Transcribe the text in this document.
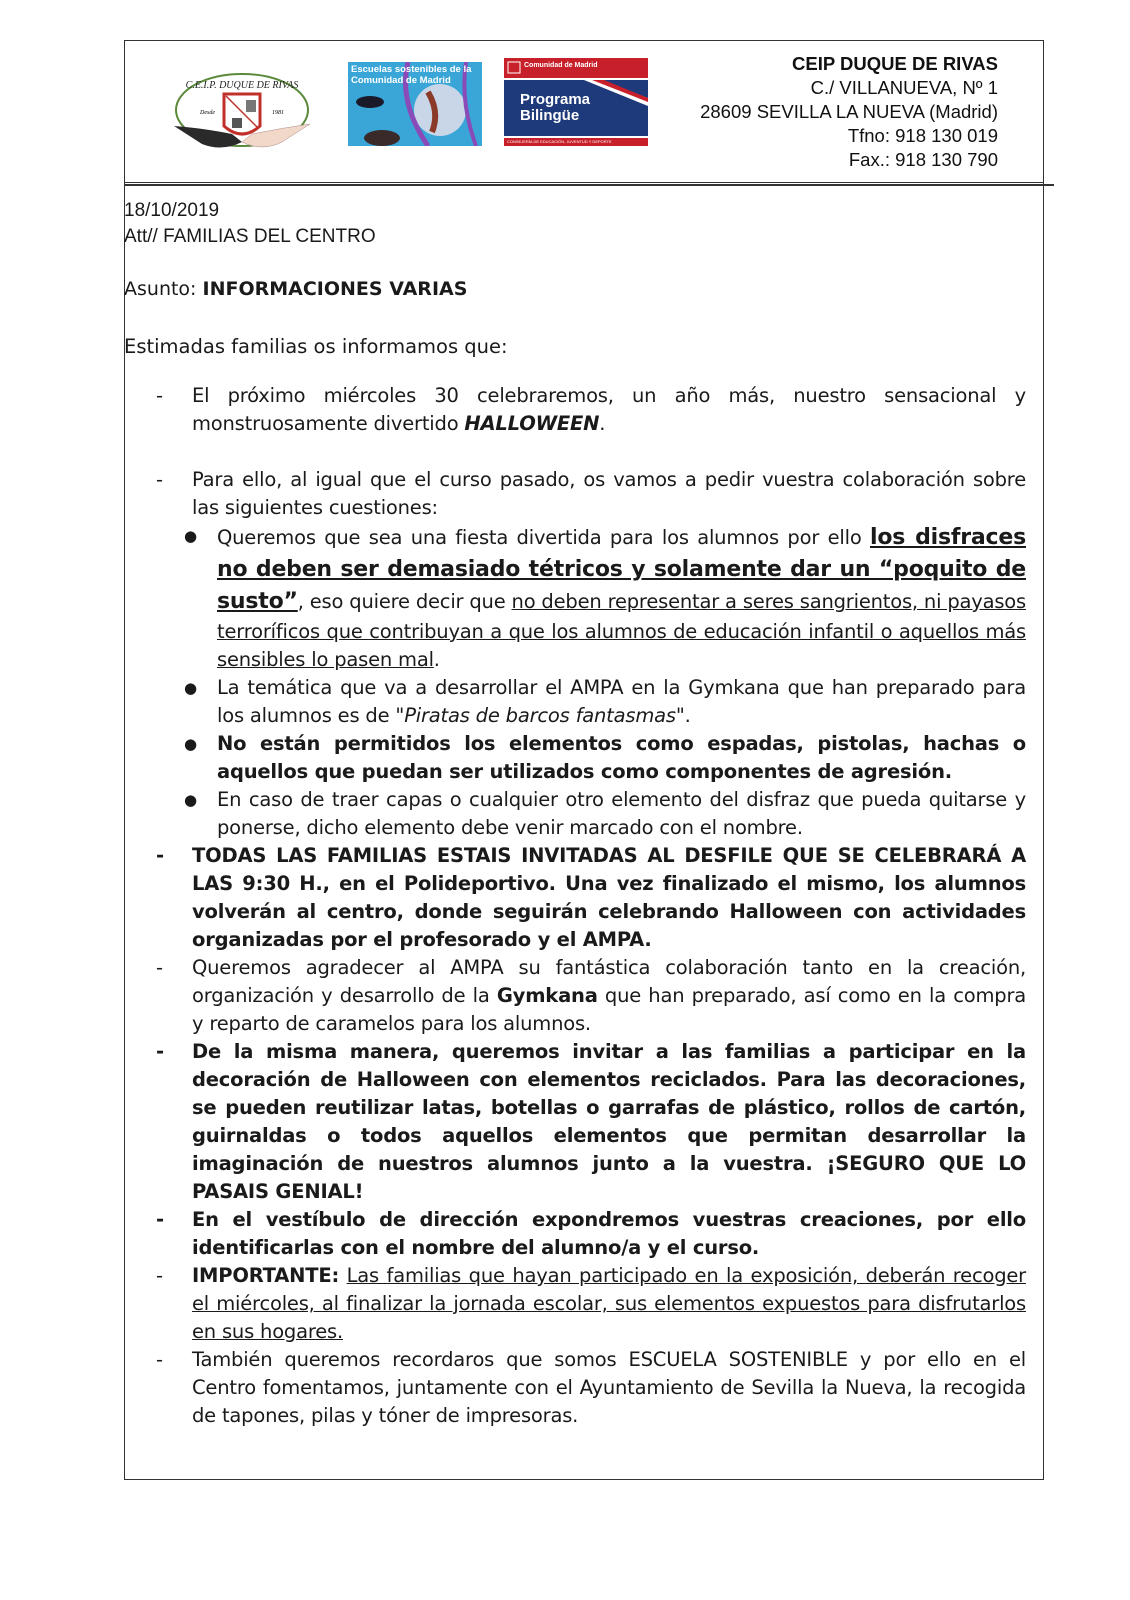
C.E.I.P. DUQUE DE RIVAS
Desde	1981
Escuelas sostenibles de la Comunidad de Madrid
Comunidad de Madrid
Programa
Bilingüe
CONSEJERÍA DE EDUCACIÓN, JUVENTUD Y DEPORTE
CEIP DUQUE DE RIVAS
C./ VILLANUEVA, Nº 1
28609 SEVILLA LA NUEVA (Madrid)
Tfno: 918 130 019
Fax.: 918 130 790
18/10/2019
Att// FAMILIAS DEL CENTRO
Asunto: INFORMACIONES VARIAS
Estimadas familias os informamos que:
- El próximo miércoles 30 celebraremos, un año más, nuestro sensacional y monstruosamente divertido HALLOWEEN.
- Para ello, al igual que el curso pasado, os vamos a pedir vuestra colaboración sobre las siguientes cuestiones:
● Queremos que sea una fiesta divertida para los alumnos por ello los disfraces no deben ser demasiado tétricos y solamente dar un “poquito de susto”, eso quiere decir que no deben representar a seres sangrientos, ni payasos terroríficos que contribuyan a que los alumnos de educación infantil o aquellos más sensibles lo pasen mal.
● La temática que va a desarrollar el AMPA en la Gymkana que han preparado para los alumnos es de "Piratas de barcos fantasmas".
● No están permitidos los elementos como espadas, pistolas, hachas o aquellos que puedan ser utilizados como componentes de agresión.
● En caso de traer capas o cualquier otro elemento del disfraz que pueda quitarse y ponerse, dicho elemento debe venir marcado con el nombre.
- TODAS LAS FAMILIAS ESTAIS INVITADAS AL DESFILE QUE SE CELEBRARÁ A LAS 9:30 H., en el Polideportivo. Una vez finalizado el mismo, los alumnos volverán al centro, donde seguirán celebrando Halloween con actividades organizadas por el profesorado y el AMPA.
- Queremos agradecer al AMPA su fantástica colaboración tanto en la creación, organización y desarrollo de la Gymkana que han preparado, así como en la compra y reparto de caramelos para los alumnos.
- De la misma manera, queremos invitar a las familias a participar en la decoración de Halloween con elementos reciclados. Para las decoraciones, se pueden reutilizar latas, botellas o garrafas de plástico, rollos de cartón, guirnaldas o todos aquellos elementos que permitan desarrollar la imaginación de nuestros alumnos junto a la vuestra. ¡SEGURO QUE LO PASAIS GENIAL!
- En el vestíbulo de dirección expondremos vuestras creaciones, por ello identificarlas con el nombre del alumno/a y el curso.
- IMPORTANTE: Las familias que hayan participado en la exposición, deberán recoger el miércoles, al finalizar la jornada escolar, sus elementos expuestos para disfrutarlos en sus hogares.
- También queremos recordaros que somos ESCUELA SOSTENIBLE y por ello en el Centro fomentamos, juntamente con el Ayuntamiento de Sevilla la Nueva, la recogida de tapones, pilas y tóner de impresoras.
